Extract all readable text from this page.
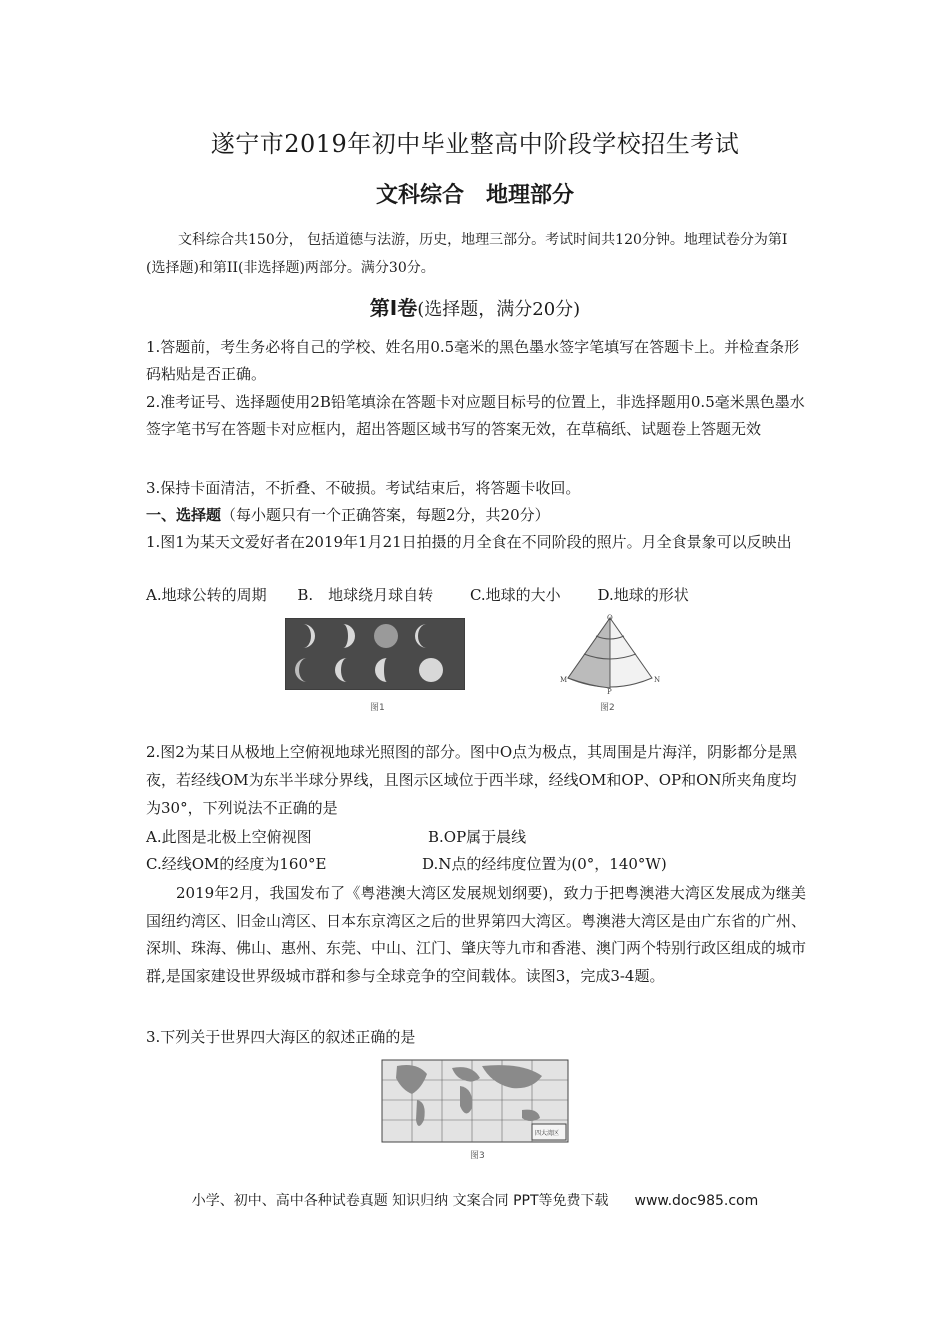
遂宁市2019年初中毕业整高中阶段学校招生考试
文科综合　地理部分
文科综合共150分， 包括道德与法游，历史，地理三部分。考试时间共120分钟。地理试卷分为第Ⅰ (选择题)和第II(非选择题)两部分。满分30分。
第Ⅰ卷(选择题，满分20分)
1.答题前，考生务必将自己的学校、姓名用0.5毫米的黑色墨水签字笔填写在答题卡上。并检查条形码粘贴是否正确。
2.准考证号、选择题使用2B铅笔填涂在答题卡对应题目标号的位置上，非选择题用0.5毫米黑色墨水签字笔书写在答题卡对应框内，超出答题区域书写的答案无效，在草稿纸、试题卷上答题无效
3.保持卡面清洁，不折叠、不破损。考试结束后，将答题卡收回。
一、选择题（每小题只有一个正确答案，每题2分，共20分）
1.图1为某天文爱好者在2019年1月21日拍摄的月全食在不同阶段的照片。月全食景象可以反映出
A.地球公转的周期 B.　地球绕月球自转 C.地球的大小 D.地球的形状
图1
O
M
P
N
图2
2.图2为某日从极地上空俯视地球光照图的部分。图中O点为极点，其周围是片海洋，阴影都分是黑夜，若经线OM为东半半球分界线，且图示区域位于西半球，经线OM和OP、OP和ON所夹角度均为30°，下列说法不正确的是
A.此图是北极上空俯视图	B.OP属于晨线
C.经线OM的经度为160°E	D.N点的经纬度位置为(0°，140°W)
2019年2月，我国发布了《粤港澳大湾区发展规划纲要)，致力于把粤澳港大湾区发展成为继美国纽约湾区、旧金山湾区、日本东京湾区之后的世界第四大湾区。粤澳港大湾区是由广东省的广州、深圳、珠海、佛山、惠州、东莞、中山、江门、肇庆等九市和香港、澳门两个特别行政区组成的城市群,是国家建设世界级城市群和参与全球竞争的空间载体。读图3，完成3-4题。
3.下列关于世界四大海区的叙述正确的是
四大湾区
图3
小学、初中、高中各种试卷真题 知识归纳 文案合同 PPT等免费下载 www.doc985.com
